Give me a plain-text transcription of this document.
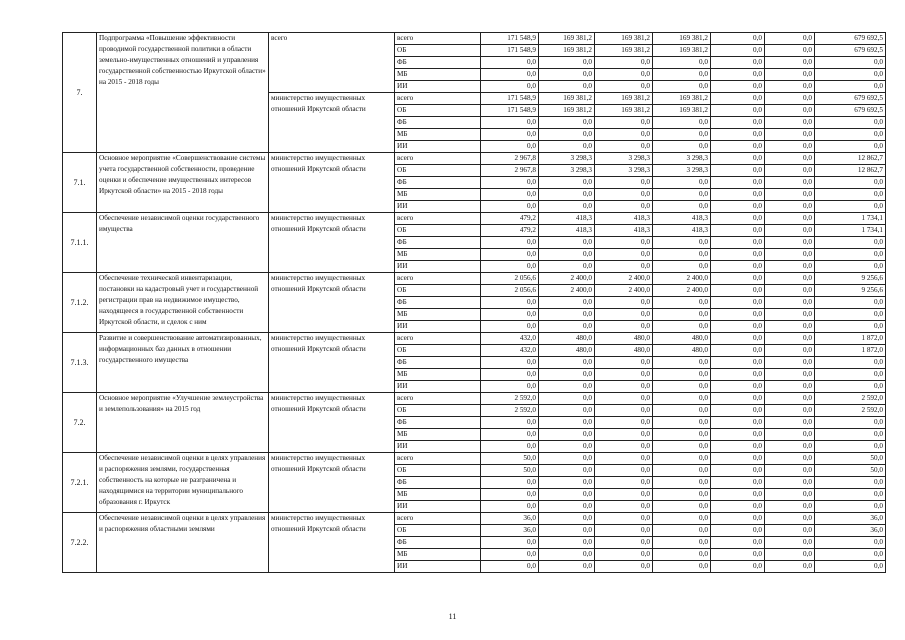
7.	Подпрограмма «Повышение эффективности проводимой государственной политики в области земельно-имущественных отношений и управления государственной собственностью Иркутской области» на 2015 - 2018 годы	всего	всего	171 548,9	169 381,2	169 381,2	169 381,2	0,0	0,0	679 692,5
			ОБ	171 548,9	169 381,2	169 381,2	169 381,2	0,0	0,0	679 692,5
			ФБ	0,0	0,0	0,0	0,0	0,0	0,0	0,0
			МБ	0,0	0,0	0,0	0,0	0,0	0,0	0,0
			ИИ	0,0	0,0	0,0	0,0	0,0	0,0	0,0
		министерство имущественных отношений Иркутской области	всего	171 548,9	169 381,2	169 381,2	169 381,2	0,0	0,0	679 692,5
			ОБ	171 548,9	169 381,2	169 381,2	169 381,2	0,0	0,0	679 692,5
			ФБ	0,0	0,0	0,0	0,0	0,0	0,0	0,0
			МБ	0,0	0,0	0,0	0,0	0,0	0,0	0,0
			ИИ	0,0	0,0	0,0	0,0	0,0	0,0	0,0
7.1.	Основное мероприятие «Совершенствование системы учета государственной собственности, проведение оценки и обеспечение имущественных интересов Иркутской области» на 2015 - 2018 годы	министерство имущественных отношений Иркутской области	всего	2 967,8	3 298,3	3 298,3	3 298,3	0,0	0,0	12 862,7
			ОБ	2 967,8	3 298,3	3 298,3	3 298,3	0,0	0,0	12 862,7
			ФБ	0,0	0,0	0,0	0,0	0,0	0,0	0,0
			МБ	0,0	0,0	0,0	0,0	0,0	0,0	0,0
			ИИ	0,0	0,0	0,0	0,0	0,0	0,0	0,0
7.1.1.	Обеспечение независимой оценки государственного имущества	министерство имущественных отношений Иркутской области	всего	479,2	418,3	418,3	418,3	0,0	0,0	1 734,1
			ОБ	479,2	418,3	418,3	418,3	0,0	0,0	1 734,1
			ФБ	0,0	0,0	0,0	0,0	0,0	0,0	0,0
			МБ	0,0	0,0	0,0	0,0	0,0	0,0	0,0
			ИИ	0,0	0,0	0,0	0,0	0,0	0,0	0,0
7.1.2.	Обеспечение технической инвентаризации, постановки на кадастровый учет и государственной регистрации прав на недвижимое имущество, находящееся в государственной собственности Иркутской области, и сделок с ним	министерство имущественных отношений Иркутской области	всего	2 056,6	2 400,0	2 400,0	2 400,0	0,0	0,0	9 256,6
			ОБ	2 056,6	2 400,0	2 400,0	2 400,0	0,0	0,0	9 256,6
			ФБ	0,0	0,0	0,0	0,0	0,0	0,0	0,0
			МБ	0,0	0,0	0,0	0,0	0,0	0,0	0,0
			ИИ	0,0	0,0	0,0	0,0	0,0	0,0	0,0
7.1.3.	Развитие и совершенствование автоматизированных, информационных баз данных в отношении государственного имущества	министерство имущественных отношений Иркутской области	всего	432,0	480,0	480,0	480,0	0,0	0,0	1 872,0
			ОБ	432,0	480,0	480,0	480,0	0,0	0,0	1 872,0
			ФБ	0,0	0,0	0,0	0,0	0,0	0,0	0,0
			МБ	0,0	0,0	0,0	0,0	0,0	0,0	0,0
			ИИ	0,0	0,0	0,0	0,0	0,0	0,0	0,0
7.2.	Основное мероприятие «Улучшение землеустройства и землепользования» на 2015 год	министерство имущественных отношений Иркутской области	всего	2 592,0	0,0	0,0	0,0	0,0	0,0	2 592,0
			ОБ	2 592,0	0,0	0,0	0,0	0,0	0,0	2 592,0
			ФБ	0,0	0,0	0,0	0,0	0,0	0,0	0,0
			МБ	0,0	0,0	0,0	0,0	0,0	0,0	0,0
			ИИ	0,0	0,0	0,0	0,0	0,0	0,0	0,0
7.2.1.	Обеспечение независимой оценки в целях управления и распоряжения землями, государственная собственность на которые не разграничена и находящимися на территории муниципального образования г. Иркутск	министерство имущественных отношений Иркутской области	всего	50,0	0,0	0,0	0,0	0,0	0,0	50,0
			ОБ	50,0	0,0	0,0	0,0	0,0	0,0	50,0
			ФБ	0,0	0,0	0,0	0,0	0,0	0,0	0,0
			МБ	0,0	0,0	0,0	0,0	0,0	0,0	0,0
			ИИ	0,0	0,0	0,0	0,0	0,0	0,0	0,0
7.2.2.	Обеспечение независимой оценки в целях управления и распоряжения областными землями	министерство имущественных отношений Иркутской области	всего	36,0	0,0	0,0	0,0	0,0	0,0	36,0
			ОБ	36,0	0,0	0,0	0,0	0,0	0,0	36,0
			ФБ	0,0	0,0	0,0	0,0	0,0	0,0	0,0
			МБ	0,0	0,0	0,0	0,0	0,0	0,0	0,0
			ИИ	0,0	0,0	0,0	0,0	0,0	0,0	0,0
11
